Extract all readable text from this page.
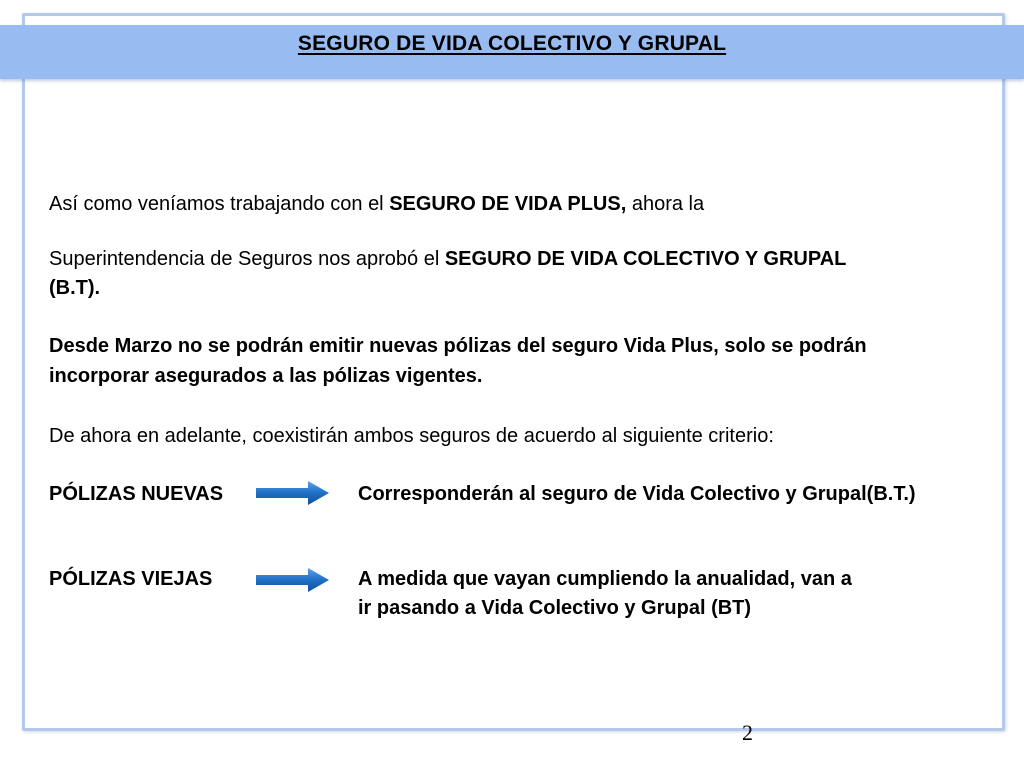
SEGURO DE VIDA COLECTIVO Y GRUPAL
Así como veníamos trabajando con el SEGURO DE VIDA PLUS, ahora la
Superintendencia de Seguros nos aprobó el SEGURO DE VIDA COLECTIVO Y GRUPAL
(B.T).
Desde Marzo no se podrán emitir nuevas pólizas del seguro Vida Plus, solo se podrán
incorporar asegurados a las pólizas vigentes.
De ahora en adelante, coexistirán ambos seguros de acuerdo al siguiente criterio:
PÓLIZAS NUEVAS	Corresponderán al seguro de Vida Colectivo y Grupal(B.T.)
PÓLIZAS VIEJAS	A medida que vayan cumpliendo la anualidad, van a
ir pasando a Vida Colectivo y Grupal (BT)
2
